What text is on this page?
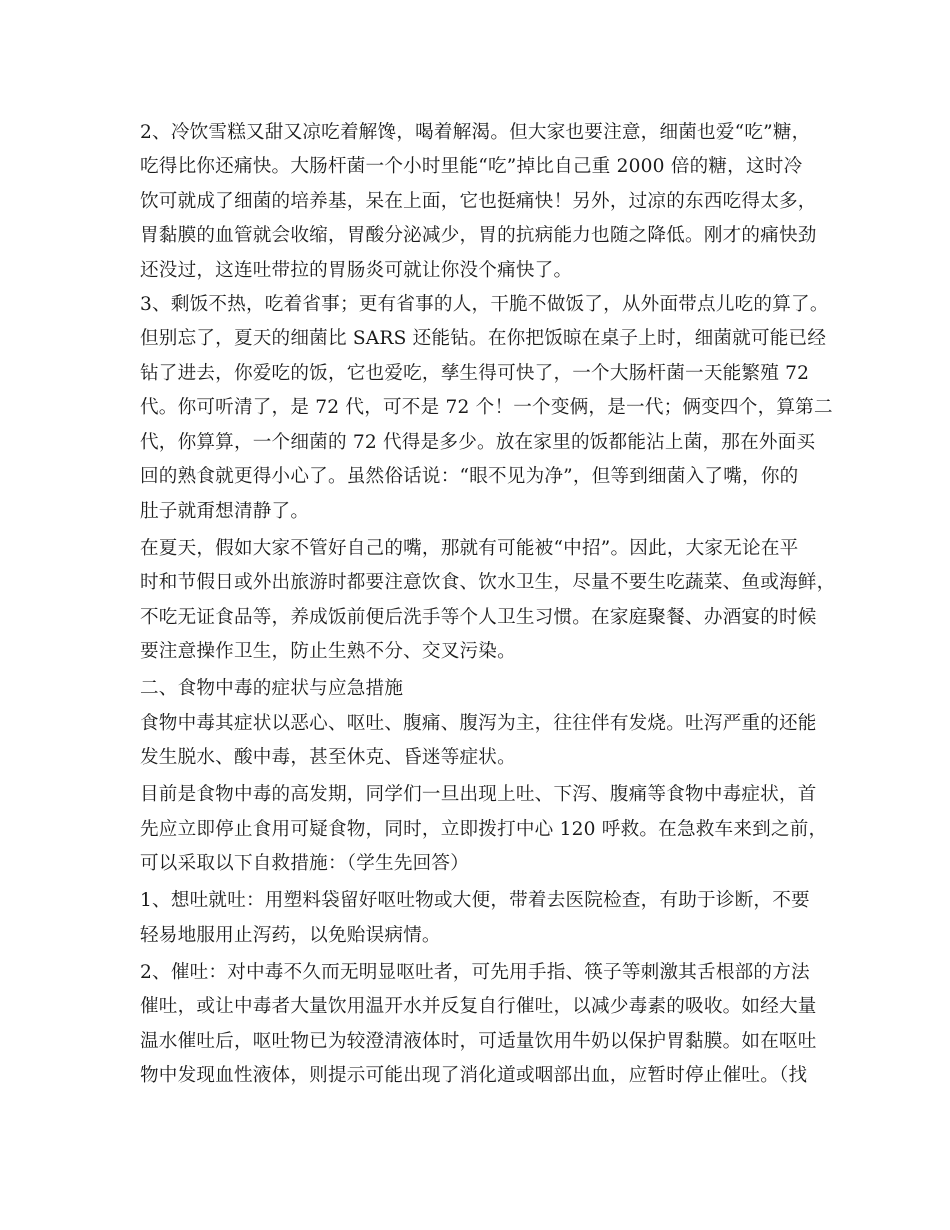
2、冷饮雪糕又甜又凉吃着解馋，喝着解渴。但大家也要注意，细菌也爱“吃”糖，
吃得比你还痛快。大肠杆菌一个小时里能“吃”掉比自己重 2000 倍的糖，这时冷
饮可就成了细菌的培养基，呆在上面，它也挺痛快！另外，过凉的东西吃得太多，
胃黏膜的血管就会收缩，胃酸分泌减少，胃的抗病能力也随之降低。刚才的痛快劲
还没过，这连吐带拉的胃肠炎可就让你没个痛快了。
3、剩饭不热，吃着省事；更有省事的人，干脆不做饭了，从外面带点儿吃的算了。
但别忘了，夏天的细菌比 SARS 还能钻。在你把饭晾在桌子上时，细菌就可能已经
钻了进去，你爱吃的饭，它也爱吃，孳生得可快了，一个大肠杆菌一天能繁殖 72
代。你可听清了，是 72 代，可不是 72 个！一个变俩，是一代；俩变四个，算第二
代，你算算，一个细菌的 72 代得是多少。放在家里的饭都能沾上菌，那在外面买
回的熟食就更得小心了。虽然俗话说：“眼不见为净”，但等到细菌入了嘴，你的
肚子就甭想清静了。
在夏天，假如大家不管好自己的嘴，那就有可能被“中招”。因此，大家无论在平
时和节假日或外出旅游时都要注意饮食、饮水卫生，尽量不要生吃蔬菜、鱼或海鲜，
不吃无证食品等，养成饭前便后洗手等个人卫生习惯。在家庭聚餐、办酒宴的时候
要注意操作卫生，防止生熟不分、交叉污染。
二、食物中毒的症状与应急措施
食物中毒其症状以恶心、呕吐、腹痛、腹泻为主，往往伴有发烧。吐泻严重的还能
发生脱水、酸中毒，甚至休克、昏迷等症状。
目前是食物中毒的高发期，同学们一旦出现上吐、下泻、腹痛等食物中毒症状，首
先应立即停止食用可疑食物，同时，立即拨打中心 120 呼救。在急救车来到之前，
可以采取以下自救措施：（学生先回答）
1、想吐就吐：用塑料袋留好呕吐物或大便，带着去医院检查，有助于诊断，不要
轻易地服用止泻药，以免贻误病情。
2、催吐：对中毒不久而无明显呕吐者，可先用手指、筷子等刺激其舌根部的方法
催吐，或让中毒者大量饮用温开水并反复自行催吐，以减少毒素的吸收。如经大量
温水催吐后，呕吐物已为较澄清液体时，可适量饮用牛奶以保护胃黏膜。如在呕吐
物中发现血性液体，则提示可能出现了消化道或咽部出血，应暂时停止催吐。（找
